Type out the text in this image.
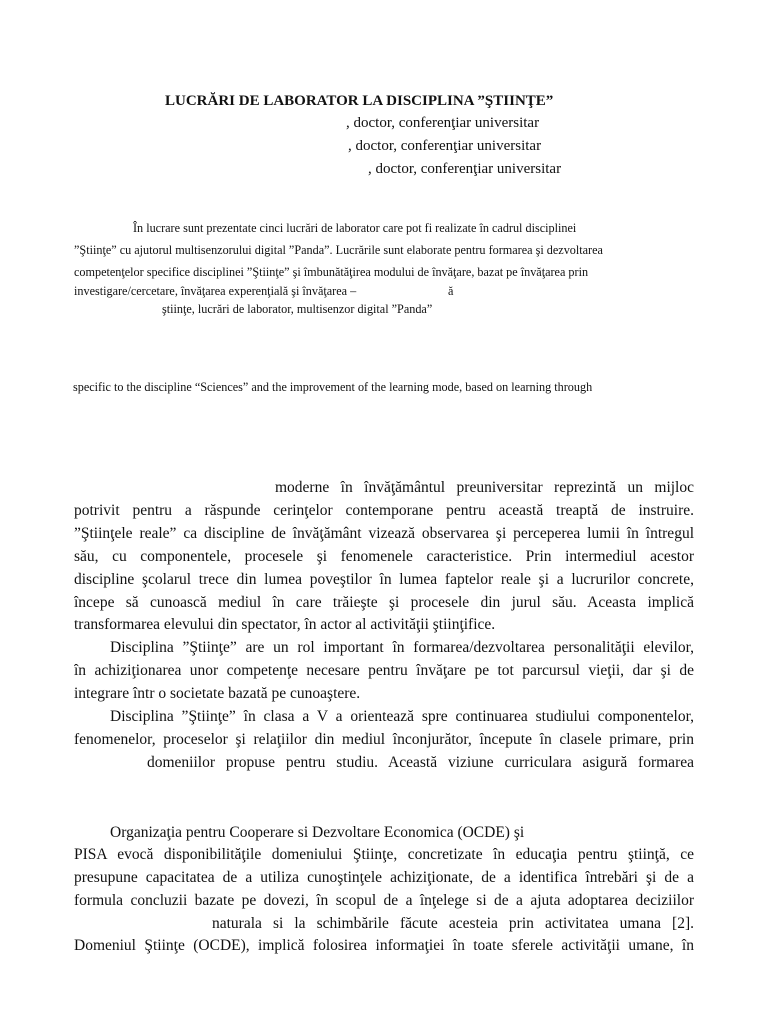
LUCRĂRI DE LABORATOR LA DISCIPLINA ”ŞTIINŢE”
, doctor, conferenţiar universitar
, doctor, conferenţiar universitar
, doctor, conferenţiar universitar
În lucrare sunt prezentate cinci lucrări de laborator care pot fi realizate în cadrul disciplinei
”Ştiinţe” cu ajutorul multisenzorului digital ”Panda”. Lucrările sunt elaborate pentru formarea şi dezvoltarea
competenţelor specifice disciplinei ”Ştiinţe” şi îmbunătăţirea modului de învăţare, bazat pe învăţarea prin
investigare/cercetare, învăţarea experenţială şi învăţarea –	ă
ştiinţe, lucrări de laborator, multisenzor digital ”Panda”
specific to the discipline “Sciences” and the improvement of the learning mode, based on learning through
moderne în învăţământul preuniversitar reprezintă un mijloc
potrivit pentru a răspunde cerinţelor contemporane pentru această treaptă de instruire.
”Ştiinţele reale” ca discipline de învăţământ vizează observarea şi perceperea lumii în întregul
său, cu componentele, procesele şi fenomenele caracteristice. Prin intermediul acestor
discipline şcolarul trece din lumea poveştilor în lumea faptelor reale şi a lucrurilor concrete,
începe să cunoască mediul în care trăieşte şi procesele din jurul său. Aceasta implică
transformarea elevului din spectator, în actor al activităţii ştiinţifice.
Disciplina ”Ştiinţe” are un rol important în formarea/dezvoltarea personalităţii elevilor,
în achiziţionarea unor competenţe necesare pentru învăţare pe tot parcursul vieţii, dar şi de
integrare într o societate bazată pe cunoaştere.
Disciplina ”Ştiinţe” în clasa a V a orientează spre continuarea studiului componentelor,
fenomenelor, proceselor şi relaţiilor din mediul înconjurător, începute în clasele primare, prin
domeniilor propuse pentru studiu. Această viziune curriculara asigură formarea
Organizaţia pentru Cooperare si Dezvoltare Economica (OCDE) şi
PISA evocă disponibilităţile domeniului Ştiinţe, concretizate în educaţia pentru ştiinţă, ce
presupune capacitatea de a utiliza cunoştinţele achiziţionate, de a identifica întrebări şi de a
formula concluzii bazate pe dovezi, în scopul de a înţelege si de a ajuta adoptarea deciziilor
naturala si la schimbările făcute acesteia prin activitatea umana [2].
Domeniul Ştiinţe (OCDE), implică folosirea informaţiei în toate sferele activităţii umane, în
